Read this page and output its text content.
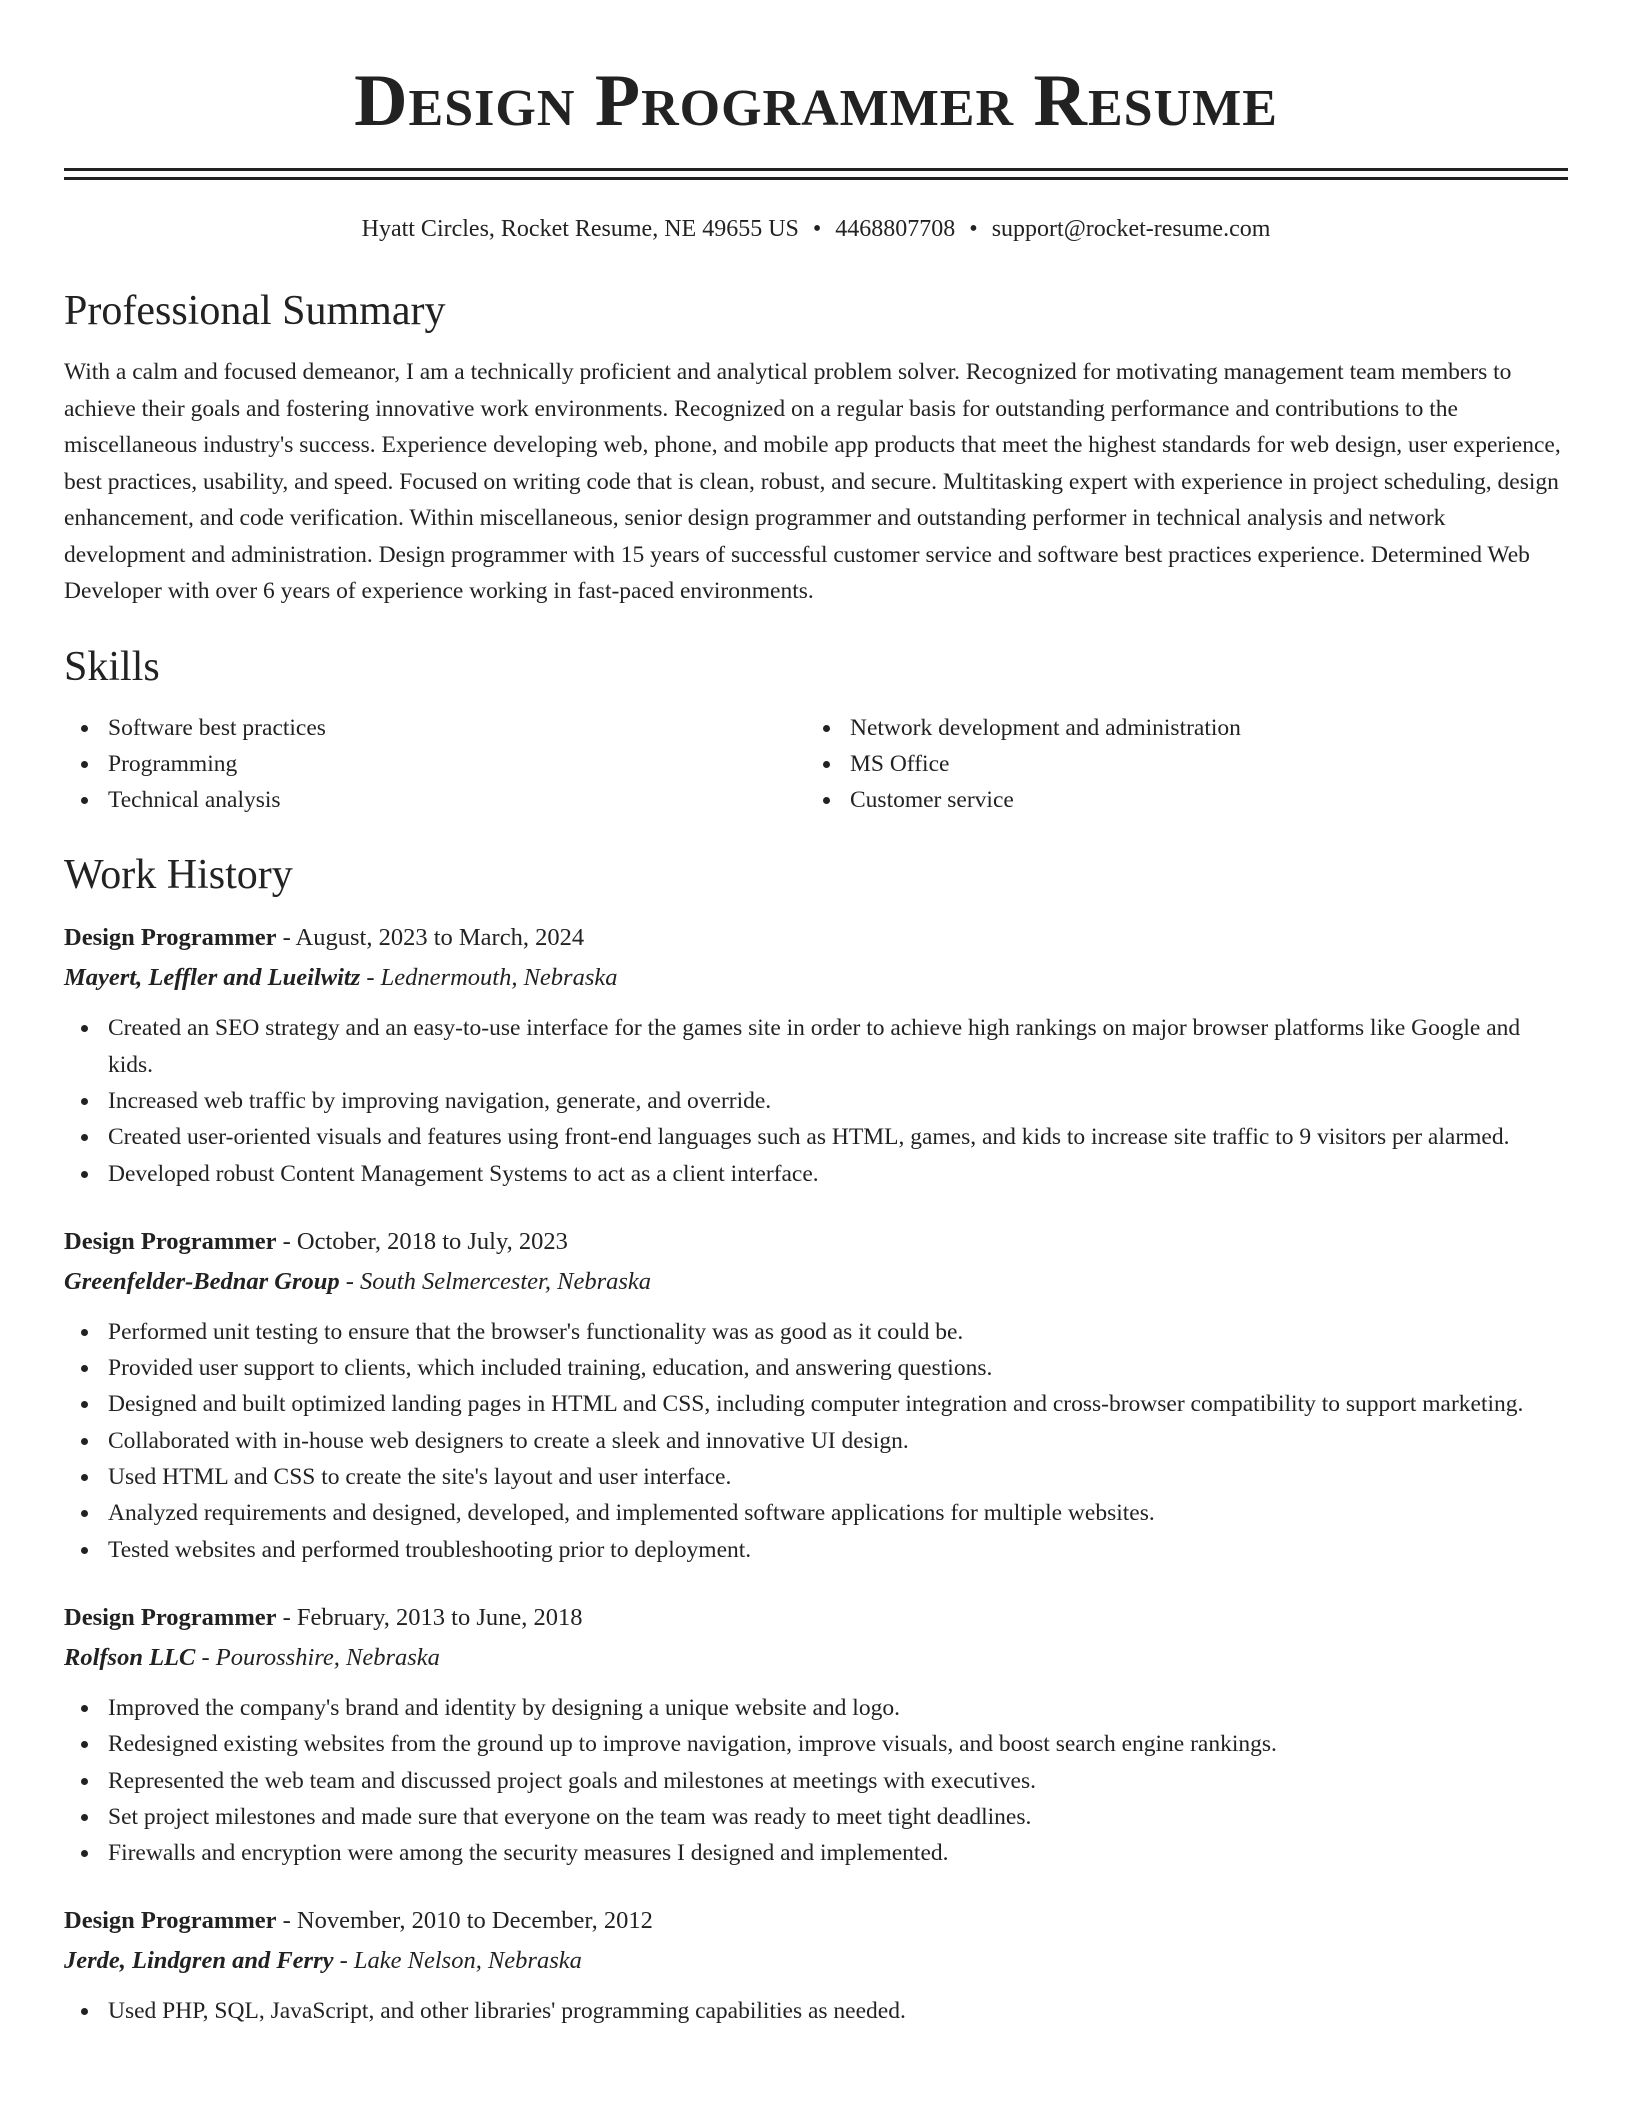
Design Programmer Resume
Hyatt Circles, Rocket Resume, NE 49655 US • 4468807708 • support@rocket-resume.com
Professional Summary

With a calm and focused demeanor, I am a technically proficient and analytical problem solver. Recognized for motivating management team members to achieve their goals and fostering innovative work environments. Recognized on a regular basis for outstanding performance and contributions to the miscellaneous industry's success. Experience developing web, phone, and mobile app products that meet the highest standards for web design, user experience, best practices, usability, and speed. Focused on writing code that is clean, robust, and secure. Multitasking expert with experience in project scheduling, design enhancement, and code verification. Within miscellaneous, senior design programmer and outstanding performer in technical analysis and network development and administration. Design programmer with 15 years of successful customer service and software best practices experience. Determined Web Developer with over 6 years of experience working in fast-paced environments.

Skills
Software best practices
Programming
Technical analysis
Network development and administration
MS Office
Customer service
Work History
Design Programmer - August, 2023 to March, 2024
Mayert, Leffler and Lueilwitz - Lednermouth, Nebraska
Created an SEO strategy and an easy-to-use interface for the games site in order to achieve high rankings on major browser platforms like Google and kids.
Increased web traffic by improving navigation, generate, and override.
Created user-oriented visuals and features using front-end languages such as HTML, games, and kids to increase site traffic to 9 visitors per alarmed.
Developed robust Content Management Systems to act as a client interface.
Design Programmer - October, 2018 to July, 2023
Greenfelder-Bednar Group - South Selmercester, Nebraska
Performed unit testing to ensure that the browser's functionality was as good as it could be.
Provided user support to clients, which included training, education, and answering questions.
Designed and built optimized landing pages in HTML and CSS, including computer integration and cross-browser compatibility to support marketing.
Collaborated with in-house web designers to create a sleek and innovative UI design.
Used HTML and CSS to create the site's layout and user interface.
Analyzed requirements and designed, developed, and implemented software applications for multiple websites.
Tested websites and performed troubleshooting prior to deployment.
Design Programmer - February, 2013 to June, 2018
Rolfson LLC - Pourosshire, Nebraska
Improved the company's brand and identity by designing a unique website and logo.
Redesigned existing websites from the ground up to improve navigation, improve visuals, and boost search engine rankings.
Represented the web team and discussed project goals and milestones at meetings with executives.
Set project milestones and made sure that everyone on the team was ready to meet tight deadlines.
Firewalls and encryption were among the security measures I designed and implemented.
Design Programmer - November, 2010 to December, 2012
Jerde, Lindgren and Ferry - Lake Nelson, Nebraska
Used PHP, SQL, JavaScript, and other libraries' programming capabilities as needed.
